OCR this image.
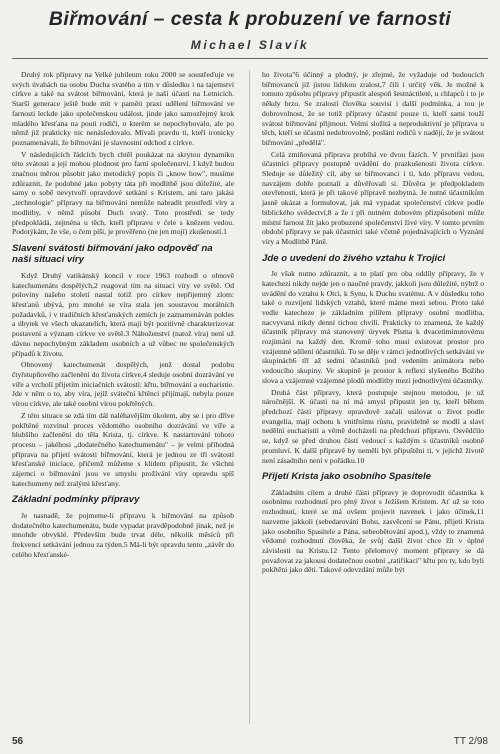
Biřmování – cesta k probuzení ve farnosti
Michael Slavík

Druhý rok přípravy na Velké jubileum roku 2000 se soustřeďuje ve svých úvahách na osobu Ducha svatého a tím v důsledku i na tajemství církve a také na svátost biřmování, která je naší účastí na Letnicích. Starší generace ještě bude mít v paměti praxi udělení biřmování ve farnosti leckde jako společenskou událost, jinde jako samozřejmý krok mladého křesťana na pouti rodiči, o kterém se nepochybovalo, ale po němž již prakticky nic nenásledovalo. Mívali pravdu ti, kteří ironicky poznamenávali, že biřmování je slavnostní odchod z církve.

V následujících řádcích bych chtěl poukázat na skrytou dynamiku této svátosti a její mohou plodnost pro farní společenství. I když budou značnou měrou působit jako metodický popis či „know how", musíme zdůraznit, že podobné jako pobyty táta při modlitbě jsou důležité, ale samy o sobě nevytvoří opravdové setkání s Kristem, ani taro jakási „technologie" přípravy na biřmování nemůže nahradit prostředí víry a modlitby, v němž působí Duch svatý. Toto prostředí se tedy předpokládá, zejména u těch, kteří přípravu v čele s knězem vedou. Podotýkám, že vše, o čem píši, je prověřeno (ne jen mojí) zkušeností.1

Slavení svátosti biřmování jako odpověď na naši situaci víry

Když Druhý vatikánský koncil v roce 1963 rozhodl o obnově katechumenátu dospělých,2 reagoval tím na situaci víry ve světě. Od poloviny našeho století nastal totiž pro církev nepřijemný zlom: křesťanů ubývá, pro mnohé se víra stala jen soustavou morálních požadavků, i v tradičních křesťanských zemích je zaznamenáván pokles a úbytek ve všech ukazatelích, která mají být pozitivně charakterizovat postavení a význam církve ve světě.3 Náboženství (natož víra) není už dávno nepochybným základem osobních a už vůbec ne společenských případů k životu.

Obnovený katechumenát dospělých, jenž dostal podobu čtyřstupňového začlenění do života církve,4 sleduje osobní dozrávání ve víře a vrcholí přijetím iniciačních svátostí: křtu, biřmování a eucharistie. Jde v něm o to, aby víra, jejíž sváteční křtěnci přijímají, nebyla pouze vírou církve, ale také osobní vírou pokřtěných.

Z této situace se zdá tím dál naléhavějším úkolem, aby se i pro dříve pokřtěné rozvinul proces vědomého osobního dozrávání ve víře a hlubšího začlenění do těla Krista, tj. církve. K nastartování tohoto procesu – jakéhosi „dodatečného katechumenátu" – je velmi příhodná příprava na přijetí svátosti biřmování, která je jednou ze tří svátostí křesťanské iniciace, přičemž můžeme s klidem připustit, že všichni zájemci o biřmování jsou ve smyslu prožívání víry opravdu spíš katechumeny než zralými křesťany.

Základní podmínky přípravy

Je nasnadě, že pojmeme-li přípravu k biřmování na způsob dodatečného katechumenátu, bude vypadat pravděpodobně jinak, než je mnohde obvyklé. Především bude trvat déle, několik měsíců při frekvenci setkávání jednou za týden.5 Má-li být opravdu tento „závěr do celého křesťanské-

ho života"6 účinný a plodný, je zřejmé, že vyžaduje od budoucích biřmovanců již jistou lidskou zralost,7 čili i určitý věk. Je možné k tomuto způsobu přípravy připustit alespoň šestnáctileté, u chlapců i to je někdy brzo. Se zralostí člověka souvisí i další podmínka, a tou je dobrovolnost, že se totiž přípravy účastní pouze ti, kteří sami touží svátost biřmování přijmout. Velmi složitá a neproduktivní je příprava u těch, kteří se účastní nedobrovolně, poslání rodičů v naději, že je svátost biřmování „předělá".

Celá zmiňovaná příprava probíhá ve dvou fázích. V prvnifázi jsou účastníci přípravy postupně uváděni do prazkušenosti života církve. Sleduje se důležitý cíl, aby se biřmovanci i ti, kdo přípravu vedou, navzájem dobře poznali a důvěřovali si. Důvěra je předpokladem otevřenosti, která je při takové přípravě nezbytná. Je nutné účastníkům jasně ukázat a formulovat, jak má vypadat společenství církve podle biblického svědectví,8 a že i při nutném dobovém přizpůsobení může místní farnost žít jako probuzené společenství živé víry. V tomto prvním období přípravy se pak účastníci také včetně pojednávajících o Vyznání víry a Modlitbě Páně.

Jde o uvedení do živého vztahu k Trojici

Je však nutno zdůraznit, a to platí pro oba oddíly přípravy, že v katechezi nikdy nejde jen o naučné pravdy, jakkoli jsou důležité, nýbrž o uvádění do vztahu k Otci, k Synu, k Duchu svatému. A v důsledku toho také o rozvíjení lidských vztahů, které máme mezi sebou. Proto také vedle katecheze je základním pilířem přípravy osobní modlitba, nacvyvaná nikdy denní tichou chvílí. Prakticky to znamená, že každý účastník přípravy má stanovený úryvek Písma k dvacetiminutovému rozjímání na každý den. Kromě toho musí existovat prostor pro vzájemné sdílení účastníků. To se děje v rámci jednotlivých setkávání ve skupinách6 tří až sedmi účastníků pod vedením animátora nebo vedoucího skupiny. Ve skupině je prostor k reflexi slyšeného Božího slova a vzájemné vzájemné plodů modlitby mezi jednotlivými účastníky.

Druhá část přípravy, která postupuje stejnou metodou, je už náročnější. K účasti na ní má smysl připustit jen ty, kteří během předchozí části přípravy opravdově začali usilovat o život podle evangelia, mají ochotu k vnitřnímu růstu, pravidelně se modlí a slaví nedělní eucharistii a věrně docházeli na předchozí přípravu. Osvědčilo se, když se před druhou částí vedoucí s každým s účastníků osobně promluví. K další přípravě by neměli být připuštěni ti, v jejichž životě není zásadního není v pořádku.10

Přijetí Krista jako osobního Spasitele

Základním cílem a druhé části přípravy je doprovodit účastníka k osobnímu rozhodnutí pro plný život s Ježíšem Kristem. Ať už se toto rozhodnutí, které se má ovšem projevit navenek i jako účinek,11 nazveme jakkoli (sebedarování Bohu, zasvěcení se Pánu, přijetí Krista jako osobního Spasitele a Pána, sebeobětování apod.), vždy to znamená vědomé rozhodnutí člověka, že svůj další život chce žít v úplné závislosti na Kristu.12 Tento přelomový moment přípravy se dá považovat za jakousi dodatečnou osobní „ratifikaci" křtu pro ty, kdo byli pokřtěni jako děti. Takové odevzdání může být

56	TT 2/98
